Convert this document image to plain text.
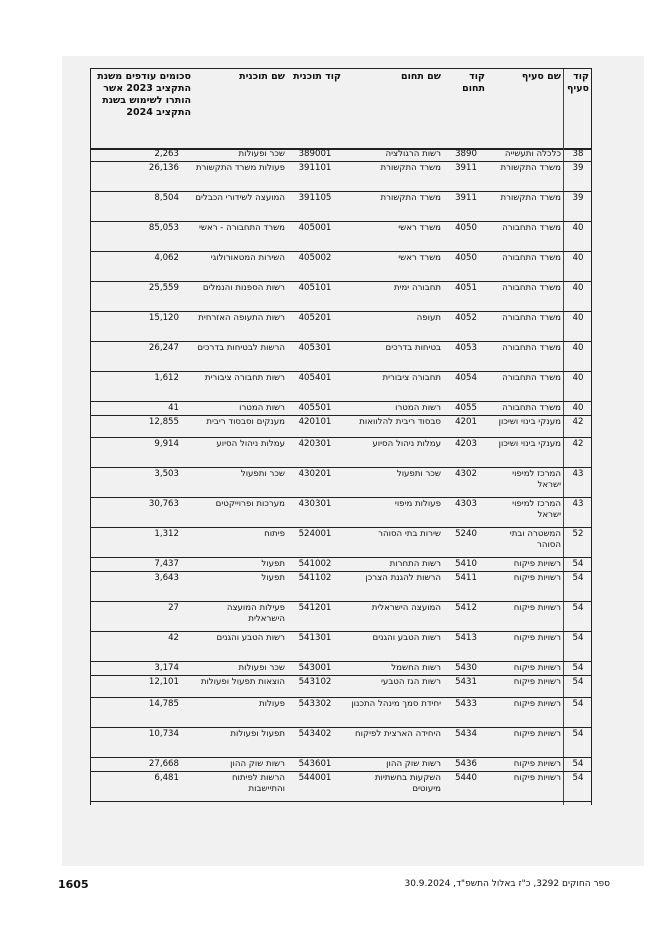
קוד סעיף
שם סעיף
קוד תחום
שם תחום
קוד תוכנית
שם תוכנית
סכומים עודפים משנת התקציב 2023 אשר הותרו לשימוש בשנת התקציב 2024
38
כלכלה ותעשייה
3890
רשות הרגולציה
389001
שכר ופעולות
2,263
39
משרד התקשורת
3911
משרד התקשורת
391101
פעולות משרד התקשורת
26,136
39
משרד התקשורת
3911
משרד התקשורת
391105
המועצה לשידורי הכבלים
8,504
40
משרד התחבורה
4050
משרד ראשי
405001
משרד התחבורה - ראשי
85,053
40
משרד התחבורה
4050
משרד ראשי
405002
השירות המטאורולוגי
4,062
40
משרד התחבורה
4051
תחבורה ימית
405101
רשות הספנות והנמלים
25,559
40
משרד התחבורה
4052
תעופה
405201
רשות התעופה האזרחית
15,120
40
משרד התחבורה
4053
בטיחות בדרכים
405301
הרשות לבטיחות בדרכים
26,247
40
משרד התחבורה
4054
תחבורה ציבורית
405401
רשות תחבורה ציבורית
1,612
40
משרד התחבורה
4055
רשות המטרו
405501
רשות המטרו
41
42
מענקי בינוי ושיכון
4201
סבסוד ריבית להלוואות
420101
מענקים וסבסוד ריבית
12,855
42
מענקי בינוי ושיכון
4203
עמלות ניהול הסיוע
420301
עמלות ניהול הסיוע
9,914
43
המרכז למיפוי ישראל
4302
שכר ותפעול
430201
שכר ותפעול
3,503
43
המרכז למיפוי ישראל
4303
פעולות מיפוי
430301
מערכות ופרוייקטים
30,763
52
המשטרה ובתי הסוהר
5240
שירות בתי הסוהר
524001
פיתוח
1,312
54
רשויות פיקוח
5410
רשות התחרות
541002
תפעול
7,437
54
רשויות פיקוח
5411
הרשות להגנת הצרכן
541102
תפעול
3,643
54
רשויות פיקוח
5412
המועצה הישראלית
541201
פעילות המועצה הישראלית
27
54
רשויות פיקוח
5413
רשות הטבע והגנים
541301
רשות הטבע והגנים
42
54
רשויות פיקוח
5430
רשות החשמל
543001
שכר ופעולות
3,174
54
רשויות פיקוח
5431
רשות הגז הטבעי
543102
הוצאות תפעול ופעולות
12,101
54
רשויות פיקוח
5433
יחידת סמך מינהל התכנון
543302
פעולות
14,785
54
רשויות פיקוח
5434
היחידה הארצית לפיקוח
543402
תפעול ופעולות
10,734
54
רשויות פיקוח
5436
רשות שוק ההון
543601
רשות שוק ההון
27,668
54
רשויות פיקוח
5440
השקעות בחשתיות מיעוטים
544001
הרשות לפיתוח והתיישבות
6,481
1605	ספר החוקים 3292, כ"ז באלול התשפ"ד, 30.9.2024
